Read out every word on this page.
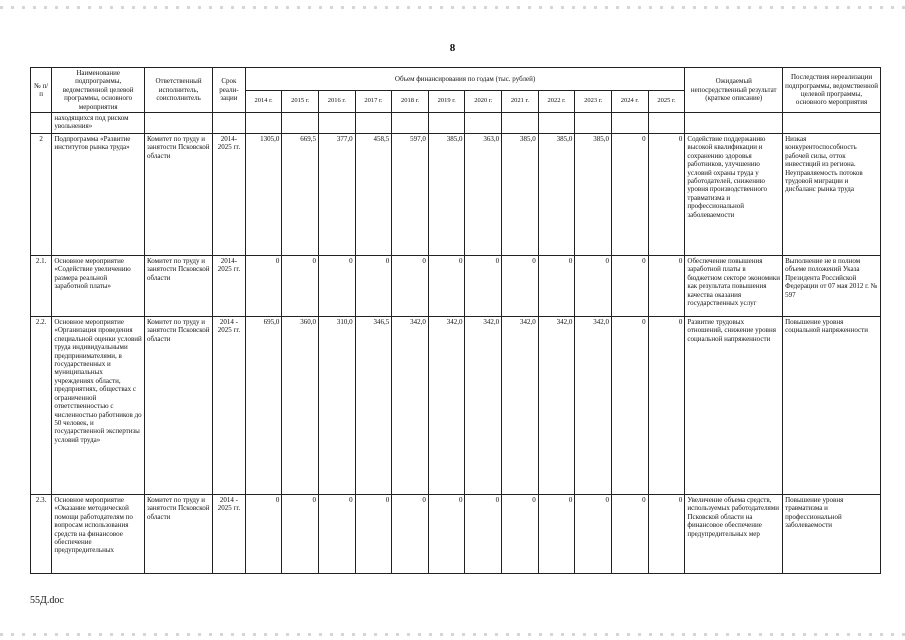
8
№ п/п	Наименование подпрограммы, ведомственной целевой программы, основного мероприятия	Ответственный исполнитель, соисполнитель	Срок реали-зации	Объем финансирования по годам (тыс. рублей)												Ожидаемый непосредственный результат (краткое описание)	Последствия нереализации подпрограммы, ведомственной целевой программы, основного мероприятия
				2014 г.	2015 г.	2016 г.	2017 г.	2018 г.	2019 г.	2020 г.	2021 г.	2022 г.	2023 г.	2024 г.	2025 г.		
	находящихся под риском увольнения»																
2	Подпрограмма «Развитие институтов рынка труда»	Комитет по труду и занятости Псковской области	2014-2025 гг.	1305,0	669,5	377,0	458,5	597,0	385,0	363,0	385,0	385,0	385,0	0	0	Содействие поддержанию высокой квалификации и сохранению здоровья работников, улучшению условий охраны труда у работодателей, снижению уровня производственного травматизма и профессиональной заболеваемости	Низкая конкурентоспособность рабочей силы, отток инвестиций из региона. Неуправляемость потоков трудовой миграции и дисбаланс рынка труда
2.1.	Основное мероприятие «Содействие увеличению размера реальной заработной платы»	Комитет по труду и занятости Псковской области	2014-2025 гг.	0	0	0	0	0	0	0	0	0	0	0	0	Обеспечение повышения заработной платы в бюджетном секторе экономики как результата повышения качества оказания государственных услуг	Выполнение не в полном объеме положений Указа Президента Российской Федерации от 07 мая 2012 г. № 597
2.2.	Основное мероприятие «Организация проведения специальной оценки условий труда индивидуальными предпринимателями, в государственных и муниципальных учреждениях области, предприятиях, обществах с ограниченной ответственностью с численностью работников до 50 человек, и государственной экспертизы условий труда»	Комитет по труду и занятости Псковской области	2014 - 2025 гг.	695,0	360,0	310,0	346,5	342,0	342,0	342,0	342,0	342,0	342,0	0	0	Развитие трудовых отношений, снижение уровня социальной напряженности	Повышение уровня социальной напряженности
2.3.	Основное мероприятие «Оказание методической помощи работодателям по вопросам использования средств на финансовое обеспечение предупредительных	Комитет по труду и занятости Псковской области	2014 - 2025 гг.	0	0	0	0	0	0	0	0	0	0	0	0	Увеличение объема средств, используемых работодателями Псковской области на финансовое обеспечение предупредительных мер	Повышение уровня травматизма и профессиональной заболеваемости
55Д.doc
